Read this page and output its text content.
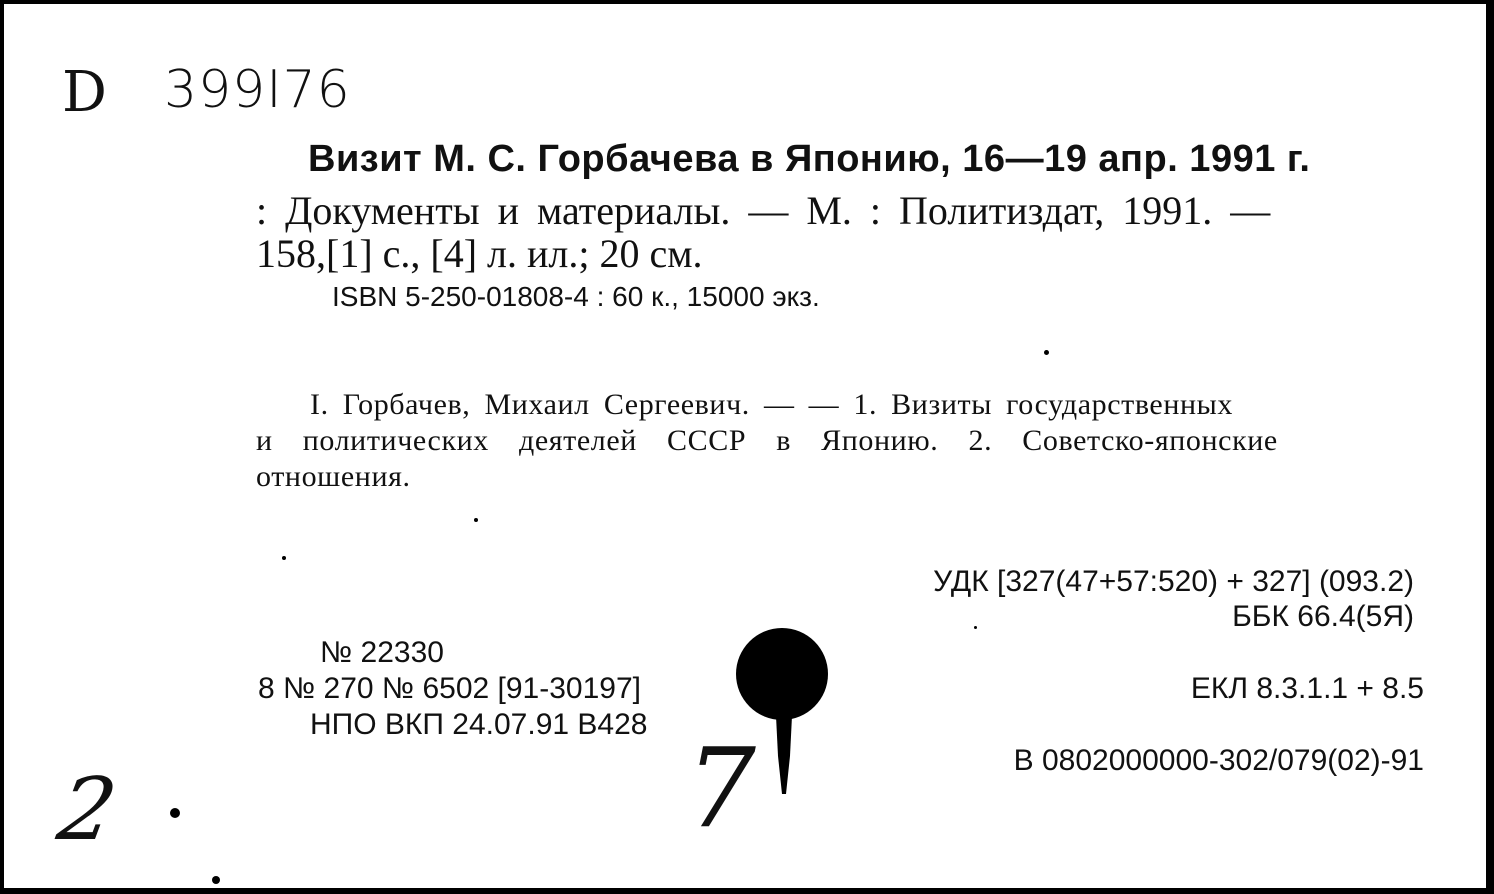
D 399I76
Визит М. С. Горбачева в Японию, 16—19 апр. 1991 г.
: Документы и материалы. — М. : Политиздат, 1991. —
158,[1] с., [4] л. ил.; 20 см.
ISBN 5-250-01808-4 : 60 к., 15000 экз.
I. Горбачев, Михаил Сергеевич. — — 1. Визиты государственных
и политических деятелей СССР в Японию. 2. Советско-японские
отношения.
УДК [327(47+57:520) + 327] (093.2)
ББК 66.4(5Я)
ЕКЛ 8.3.1.1 + 8.5
В 0802000000-302/079(02)-91
№ 22330
8 № 270 № 6502 [91-30197]
НПО ВКП 24.07.91 В428
2	7
